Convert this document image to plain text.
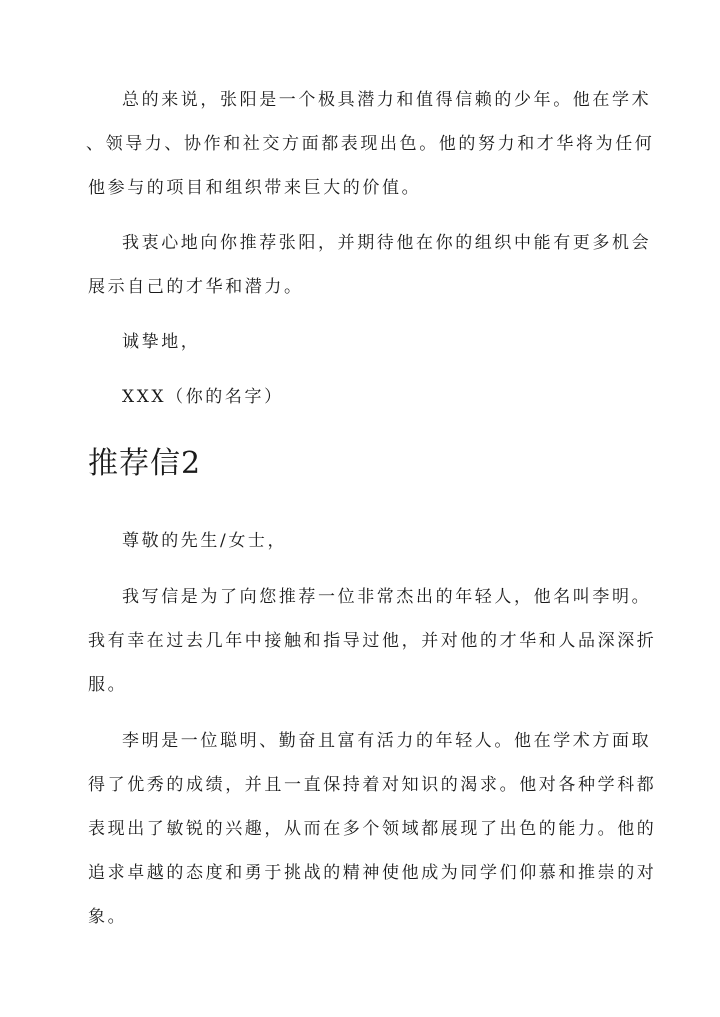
总的来说，张阳是一个极具潜力和值得信赖的少年。他在学术

、领导力、协作和社交方面都表现出色。他的努力和才华将为任何

他参与的项目和组织带来巨大的价值。

我衷心地向你推荐张阳，并期待他在你的组织中能有更多机会

展示自己的才华和潜力。

诚挚地，

XXX（你的名字）

推荐信2

尊敬的先生/女士，

我写信是为了向您推荐一位非常杰出的年轻人，他名叫李明。

我有幸在过去几年中接触和指导过他，并对他的才华和人品深深折

服。

李明是一位聪明、勤奋且富有活力的年轻人。他在学术方面取

得了优秀的成绩，并且一直保持着对知识的渴求。他对各种学科都

表现出了敏锐的兴趣，从而在多个领域都展现了出色的能力。他的

追求卓越的态度和勇于挑战的精神使他成为同学们仰慕和推崇的对

象。
